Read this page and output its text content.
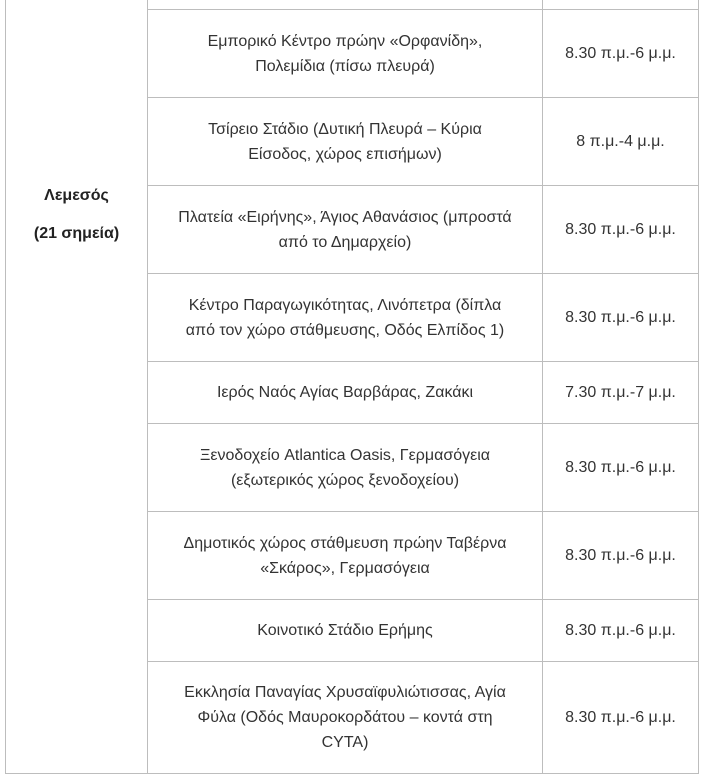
Λεμεσός
(21 σημεία)		

	Εμπορικό Κέντρο πρώην «Ορφανίδη»,
Πολεμίδια (πίσω πλευρά)	8.30 π.μ.-6 μ.μ.
	Τσίρειο Στάδιο (Δυτική Πλευρά – Κύρια
Είσοδος, χώρος επισήμων)	8 π.μ.-4 μ.μ.
	Πλατεία «Ειρήνης», Άγιος Αθανάσιος (μπροστά
από το Δημαρχείο)	8.30 π.μ.-6 μ.μ.
	Κέντρο Παραγωγικότητας, Λινόπετρα (δίπλα
από τον χώρο στάθμευσης, Οδός Ελπίδος 1)	8.30 π.μ.-6 μ.μ.
	Ιερός Ναός Αγίας Βαρβάρας, Ζακάκι	7.30 π.μ.-7 μ.μ.
	Ξενοδοχείο Atlantica Oasis, Γερμασόγεια
(εξωτερικός χώρος ξενοδοχείου)	8.30 π.μ.-6 μ.μ.
	Δημοτικός χώρος στάθμευση πρώην Ταβέρνα
«Σκάρος», Γερμασόγεια	8.30 π.μ.-6 μ.μ.
	Κοινοτικό Στάδιο Ερήμης	8.30 π.μ.-6 μ.μ.
	Εκκλησία Παναγίας Χρυσαϊφυλιώτισσας, Αγία
Φύλα (Οδός Μαυροκορδάτου – κοντά στη
CYTA)	8.30 π.μ.-6 μ.μ.
